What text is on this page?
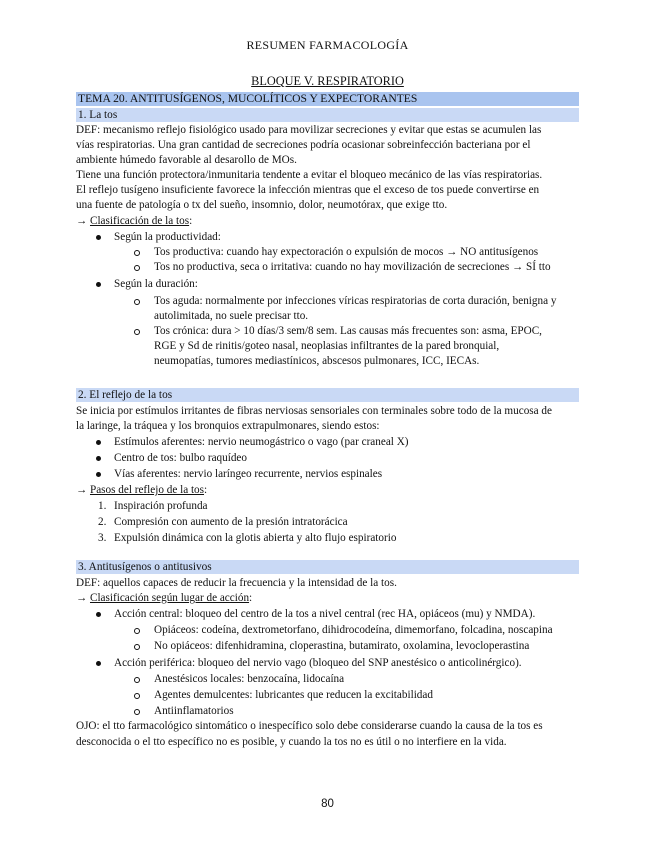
RESUMEN FARMACOLOGÍA
BLOQUE V. RESPIRATORIO
TEMA 20. ANTITUSÍGENOS, MUCOLÍTICOS Y EXPECTORANTES
1. La tos
DEF: mecanismo reflejo fisiológico usado para movilizar secreciones y evitar que estas se acumulen las
vías respiratorias. Una gran cantidad de secreciones podría ocasionar sobreinfección bacteriana por el
ambiente húmedo favorable al desarollo de MOs.
Tiene una función protectora/inmunitaria tendente a evitar el bloqueo mecánico de las vías respiratorias.
El reflejo tusígeno insuficiente favorece la infección mientras que el exceso de tos puede convertirse en
una fuente de patología o tx del sueño, insomnio, dolor, neumotórax, que exige tto.
→ Clasificación de la tos:
Según la productividad:
Tos productiva: cuando hay expectoración o expulsión de mocos → NO antitusígenos
Tos no productiva, seca o irritativa: cuando no hay movilización de secreciones → SÍ tto
Según la duración:
Tos aguda: normalmente por infecciones víricas respiratorias de corta duración, benigna y
autolimitada, no suele precisar tto.
Tos crónica: dura > 10 días/3 sem/8 sem. Las causas más frecuentes son: asma, EPOC,
RGE y Sd de rinitis/goteo nasal, neoplasias infiltrantes de la pared bronquial,
neumopatías, tumores mediastínicos, abscesos pulmonares, ICC, IECAs.
2. El reflejo de la tos
Se inicia por estímulos irritantes de fibras nerviosas sensoriales con terminales sobre todo de la mucosa de
la laringe, la tráquea y los bronquios extrapulmonares, siendo estos:
Estímulos aferentes: nervio neumogástrico o vago (par craneal X)
Centro de tos: bulbo raquídeo
Vías aferentes: nervio laríngeo recurrente, nervios espinales
→ Pasos del reflejo de la tos:
1. Inspiración profunda
2. Compresión con aumento de la presión intratorácica
3. Expulsión dinámica con la glotis abierta y alto flujo espiratorio
3. Antitusígenos o antitusivos
DEF: aquellos capaces de reducir la frecuencia y la intensidad de la tos.
→ Clasificación según lugar de acción:
Acción central: bloqueo del centro de la tos a nivel central (rec HA, opiáceos (mu) y NMDA).
Opiáceos: codeína, dextrometorfano, dihidrocodeína, dimemorfano, folcadina, noscapina
No opiáceos: difenhidramina, cloperastina, butamirato, oxolamina, levocloperastina
Acción periférica: bloqueo del nervio vago (bloqueo del SNP anestésico o anticolinérgico).
Anestésicos locales: benzocaína, lidocaína
Agentes demulcentes: lubricantes que reducen la excitabilidad
Antiinflamatorios
OJO: el tto farmacológico sintomático o inespecífico solo debe considerarse cuando la causa de la tos es
desconocida o el tto específico no es posible, y cuando la tos no es útil o no interfiere en la vida.
80
